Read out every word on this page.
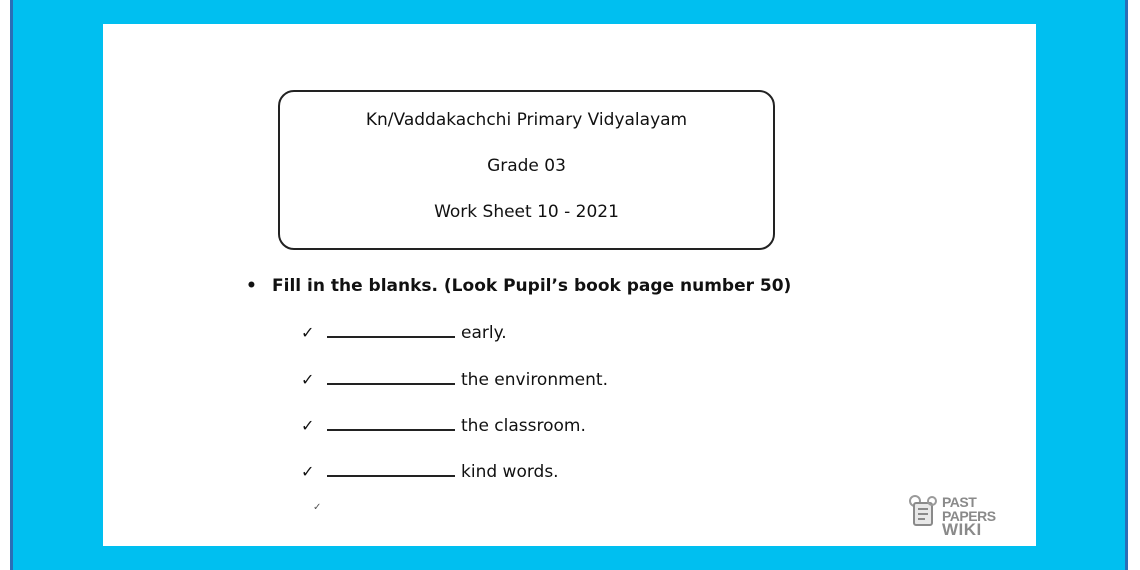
Kn/Vaddakachchi Primary Vidyalayam
Grade 03
Work Sheet 10 - 2021
• Fill in the blanks. (Look Pupil’s book page number 50)
✓	early.
✓	the environment.
✓	the classroom.
✓	kind words.
✓	PAST PAPERS
WIKI
